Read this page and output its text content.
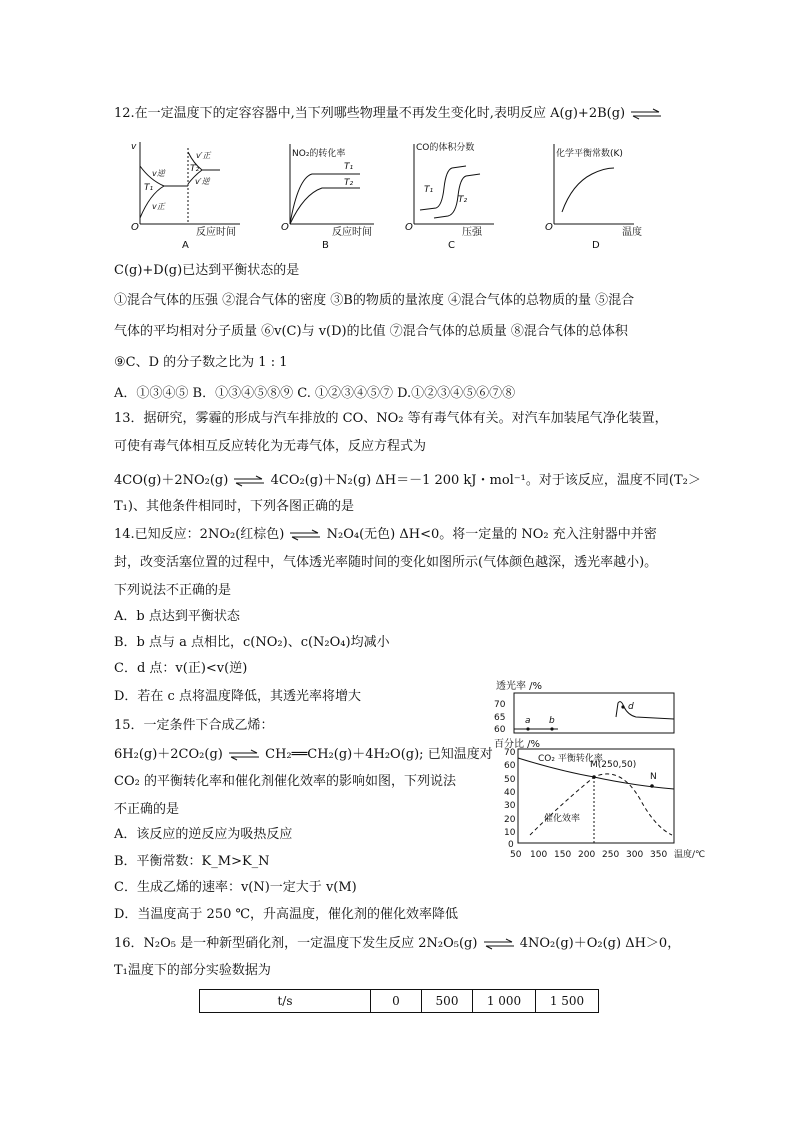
12.在一定温度下的定容容器中,当下列哪些物理量不再发生变化时,表明反应 A(g)+2B(g)
v
O	反应时间
A
v逆
T₁
v正
v′正
T₂
v′逆
NO₂的转化率
O	反应时间
B
T₁
T₂
CO的体积分数
O	压强
C
T₁
T₂
化学平衡常数(K)
O	温度
D
C(g)+D(g)已达到平衡状态的是
①混合气体的压强 ②混合气体的密度 ③B的物质的量浓度 ④混合气体的总物质的量 ⑤混合
气体的平均相对分子质量 ⑥v(C)与 v(D)的比值 ⑦混合气体的总质量 ⑧混合气体的总体积
⑨C、D 的分子数之比为 1 : 1
A．①③④⑤ B．①③④⑤⑧⑨ C. ①②③④⑤⑦ D.①②③④⑤⑥⑦⑧
13．据研究，雾霾的形成与汽车排放的 CO、NO₂ 等有毒气体有关。对汽车加装尾气净化装置，
可使有毒气体相互反应转化为无毒气体，反应方程式为
4CO(g)＋2NO₂(g)	4CO₂(g)＋N₂(g) ΔH＝－1 200 kJ・mol⁻¹。对于该反应，温度不同(T₂＞
T₁)、其他条件相同时，下列各图正确的是
14.已知反应：2NO₂(红棕色)	N₂O₄(无色) ΔH<0。将一定量的 NO₂ 充入注射器中并密
封，改变活塞位置的过程中，气体透光率随时间的变化如图所示(气体颜色越深，透光率越小)。
下列说法不正确的是
A．b 点达到平衡状态
B．b 点与 a 点相比，c(NO₂)、c(N₂O₄)均减小
C．d 点：v(正)<v(逆)
D．若在 c 点将温度降低，其透光率将增大
透光率 /%
70
65
60
a b
d
15．一定条件下合成乙烯：
6H₂(g)＋2CO₂(g)	CH₂══CH₂(g)＋4H₂O(g); 已知温度对
CO₂ 的平衡转化率和催化剂催化效率的影响如图，下列说法
不正确的是
A．该反应的逆反应为吸热反应
B．平衡常数：K_M>K_N
C．生成乙烯的速率：v(N)一定大于 v(M)
D．当温度高于 250 ℃，升高温度，催化剂的催化效率降低
百分比 /%
70
60
50
40
30
20
10
0
50 100 150 200 250 300 350 温度/℃
CO₂ 平衡转化率
催化效率
M(250,50)
N
16．N₂O₅ 是一种新型硝化剂，一定温度下发生反应 2N₂O₅(g)	4NO₂(g)＋O₂(g) ΔH＞0，
T₁温度下的部分实验数据为
t/s	0	500	1 000	1 500
